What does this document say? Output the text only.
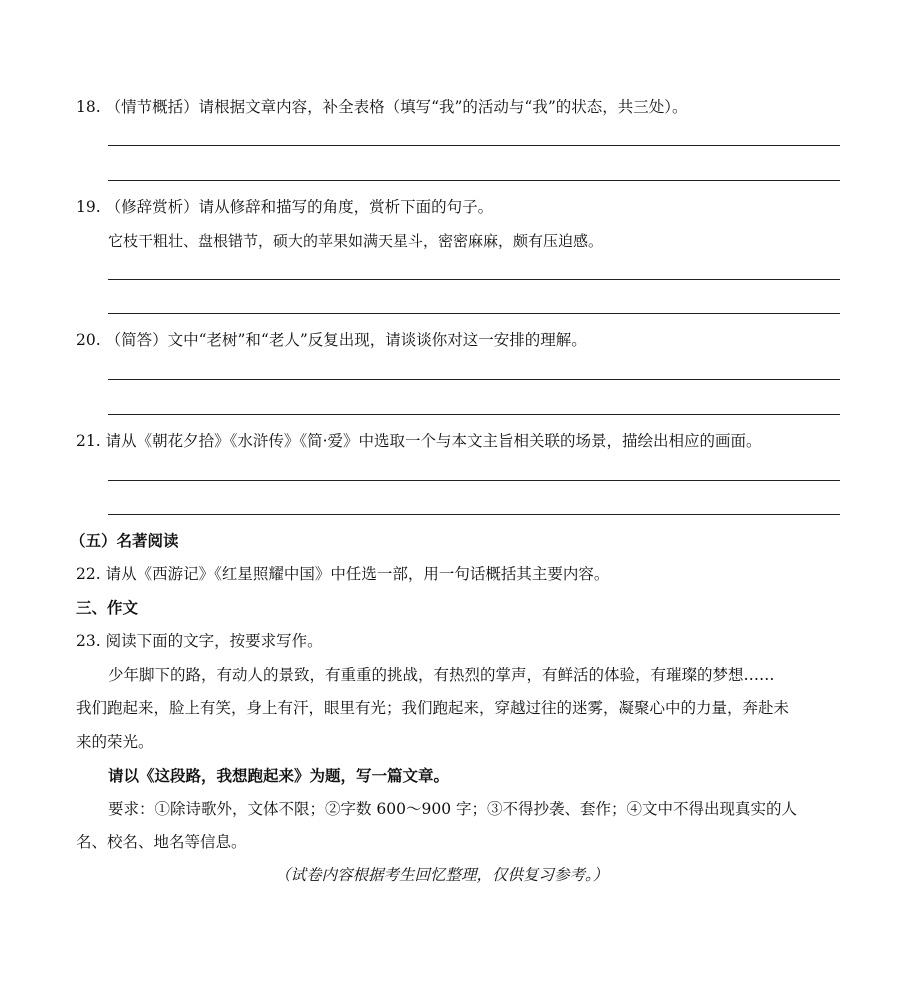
18. （情节概括）请根据文章内容，补全表格（填写“我”的活动与“我”的状态，共三处）。
19. （修辞赏析）请从修辞和描写的角度，赏析下面的句子。
它枝干粗壮、盘根错节，硕大的苹果如满天星斗，密密麻麻，颇有压迫感。
20. （简答）文中“老树”和“老人”反复出现，请谈谈你对这一安排的理解。
21. 请从《朝花夕拾》《水浒传》《简·爱》中选取一个与本文主旨相关联的场景，描绘出相应的画面。
（五）名著阅读
22. 请从《西游记》《红星照耀中国》中任选一部，用一句话概括其主要内容。
三、作文
23. 阅读下面的文字，按要求写作。
少年脚下的路，有动人的景致，有重重的挑战，有热烈的掌声，有鲜活的体验，有璀璨的梦想……
我们跑起来，脸上有笑，身上有汗，眼里有光；我们跑起来，穿越过往的迷雾，凝聚心中的力量，奔赴未
来的荣光。
请以《这段路，我想跑起来》为题，写一篇文章。
要求：①除诗歌外，文体不限；②字数 600～900 字；③不得抄袭、套作；④文中不得出现真实的人
名、校名、地名等信息。
（试卷内容根据考生回忆整理，仅供复习参考。）
